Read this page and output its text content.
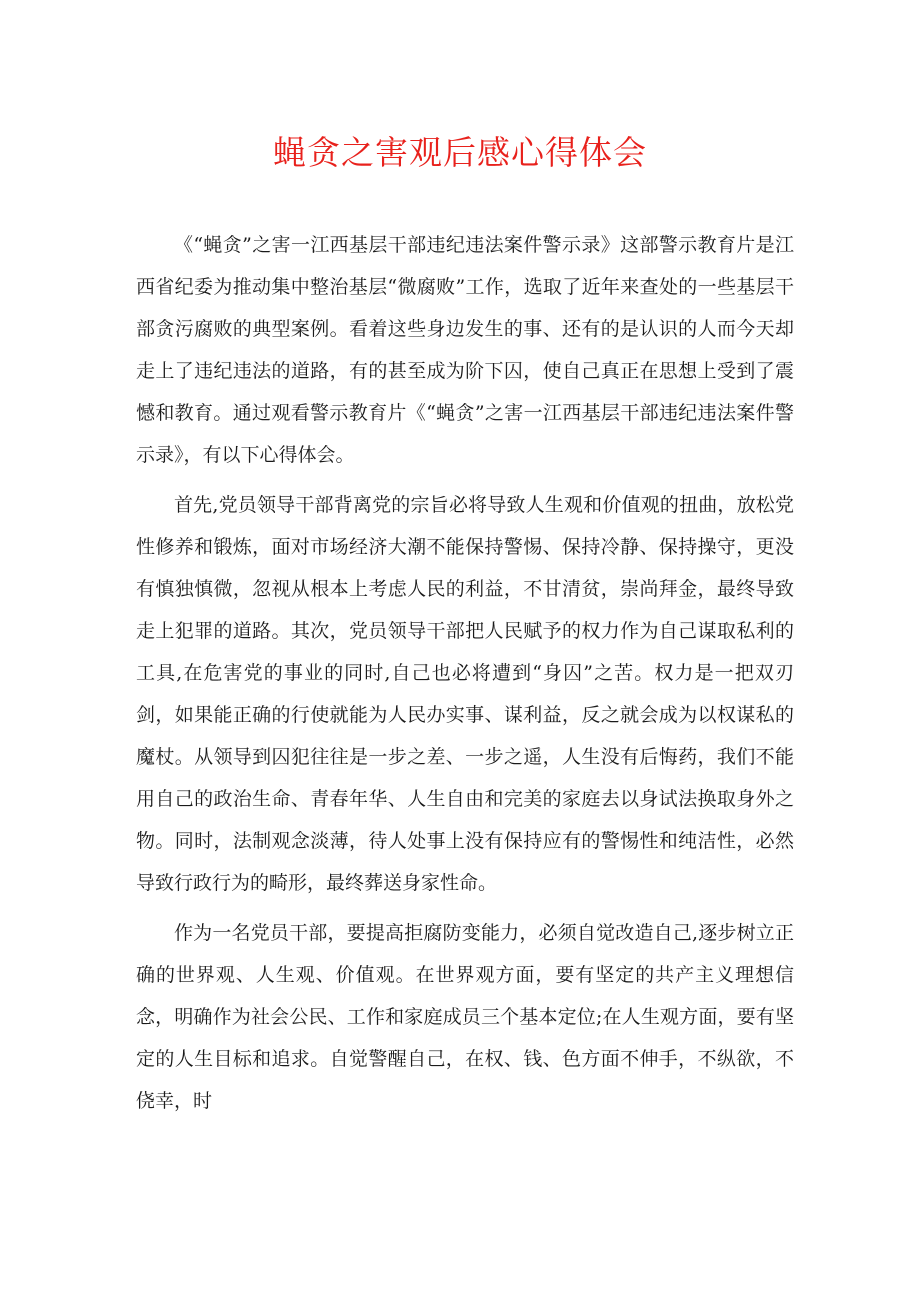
蝇贪之害观后感心得体会

《“蝇贪”之害一江西基层干部违纪违法案件警示录》这部警示教育片是江西省纪委为推动集中整治基层“微腐败”工作，选取了近年来查处的一些基层干部贪污腐败的典型案例。看着这些身边发生的事、还有的是认识的人而今天却走上了违纪违法的道路，有的甚至成为阶下囚，使自己真正在思想上受到了震憾和教育。通过观看警示教育片《“蝇贪”之害一江西基层干部违纪违法案件警示录》，有以下心得体会。

首先,党员领导干部背离党的宗旨必将导致人生观和价值观的扭曲，放松党性修养和锻炼，面对市场经济大潮不能保持警惕、保持冷静、保持操守，更没有慎独慎微，忽视从根本上考虑人民的利益，不甘清贫，崇尚拜金，最终导致走上犯罪的道路。其次，党员领导干部把人民赋予的权力作为自己谋取私利的工具,在危害党的事业的同时,自己也必将遭到“身囚”之苦。权力是一把双刃剑，如果能正确的行使就能为人民办实事、谋利益，反之就会成为以权谋私的魔杖。从领导到囚犯往往是一步之差、一步之遥，人生没有后悔药，我们不能用自己的政治生命、青春年华、人生自由和完美的家庭去以身试法换取身外之物。同时，法制观念淡薄，待人处事上没有保持应有的警惕性和纯洁性，必然导致行政行为的畸形，最终葬送身家性命。

作为一名党员干部，要提高拒腐防变能力，必须自觉改造自己,逐步树立正确的世界观、人生观、价值观。在世界观方面，要有坚定的共产主义理想信念，明确作为社会公民、工作和家庭成员三个基本定位;在人生观方面，要有坚定的人生目标和追求。自觉警醒自己，在权、钱、色方面不伸手，不纵欲，不侥幸，时
